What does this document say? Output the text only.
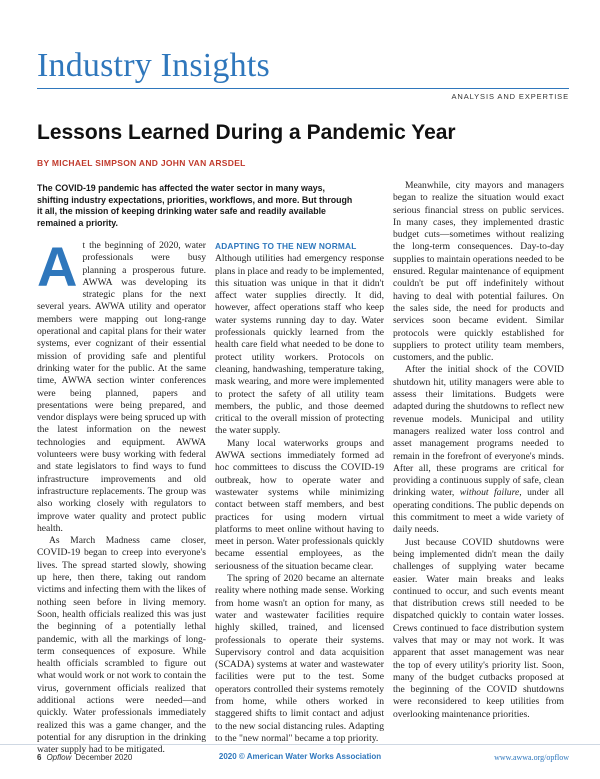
Industry Insights
ANALYSIS AND EXPERTISE
Lessons Learned During a Pandemic Year
BY MICHAEL SIMPSON AND JOHN VAN ARSDEL
The COVID-19 pandemic has affected the water sector in many ways, shifting industry expectations, priorities, workflows, and more. But through it all, the mission of keeping drinking water safe and readily available remained a priority.

At the beginning of 2020, water professionals were busy planning a prosperous future. AWWA was developing its strategic plans for the next several years. AWWA utility and operator members were mapping out long-range operational and capital plans for their water systems, ever cognizant of their essential mission of providing safe and plentiful drinking water for the public. At the same time, AWWA section winter conferences were being planned, papers and presentations were being prepared, and vendor displays were being spruced up with the latest information on the newest technologies and equipment. AWWA volunteers were busy working with federal and state legislators to find ways to fund infrastructure improvements and old infrastructure replacements. The group was also working closely with regulators to improve water quality and protect public health.

As March Madness came closer, COVID-19 began to creep into everyone's lives. The spread started slowly, showing up here, then there, taking out random victims and infecting them with the likes of nothing seen before in living memory. Soon, health officials realized this was just the beginning of a potentially lethal pandemic, with all the markings of long-term consequences of exposure. While health officials scrambled to figure out what would work or not work to contain the virus, government officials realized that additional actions were needed—and quickly. Water professionals immediately realized this was a game changer, and the potential for any disruption in the drinking water supply had to be mitigated.

ADAPTING TO THE NEW NORMAL

Although utilities had emergency response plans in place and ready to be implemented, this situation was unique in that it didn't affect water supplies directly. It did, however, affect operations staff who keep water systems running day to day. Water professionals quickly learned from the health care field what needed to be done to protect utility workers. Protocols on cleaning, handwashing, temperature taking, mask wearing, and more were implemented to protect the safety of all utility team members, the public, and those deemed critical to the overall mission of protecting the water supply.

Many local waterworks groups and AWWA sections immediately formed ad hoc committees to discuss the COVID-19 outbreak, how to operate water and wastewater systems while minimizing contact between staff members, and best practices for using modern virtual platforms to meet online without having to meet in person. Water professionals quickly became essential employees, as the seriousness of the situation became clear.

The spring of 2020 became an alternate reality where nothing made sense. Working from home wasn't an option for many, as water and wastewater facilities require highly skilled, trained, and licensed professionals to operate their systems. Supervisory control and data acquisition (SCADA) systems at water and wastewater facilities were put to the test. Some operators controlled their systems remotely from home, while others worked in staggered shifts to limit contact and adjust to the new social distancing rules. Adapting to the "new normal" became a top priority.

Meanwhile, city mayors and managers began to realize the situation would exact serious financial stress on public services. In many cases, they implemented drastic budget cuts—sometimes without realizing the long-term consequences. Day-to-day supplies to maintain operations needed to be ensured. Regular maintenance of equipment couldn't be put off indefinitely without having to deal with potential failures. On the sales side, the need for products and services soon became evident. Similar protocols were quickly established for suppliers to protect utility team members, customers, and the public.

After the initial shock of the COVID shutdown hit, utility managers were able to assess their limitations. Budgets were adapted during the shutdowns to reflect new revenue models. Municipal and utility managers realized water loss control and asset management programs needed to remain in the forefront of everyone's minds. After all, these programs are critical for providing a continuous supply of safe, clean drinking water, without failure, under all operating conditions. The public depends on this commitment to meet a wide variety of daily needs.

Just because COVID shutdowns were being implemented didn't mean the daily challenges of supplying water became easier. Water main breaks and leaks continued to occur, and such events meant that distribution crews still needed to be dispatched quickly to contain water losses. Crews continued to face distribution system valves that may or may not work. It was apparent that asset management was near the top of every utility's priority list. Soon, many of the budget cutbacks proposed at the beginning of the COVID shutdowns were reconsidered to keep utilities from overlooking maintenance priorities.

6 Opflow December 2020	2020 © American Water Works Association	www.awwa.org/opflow
